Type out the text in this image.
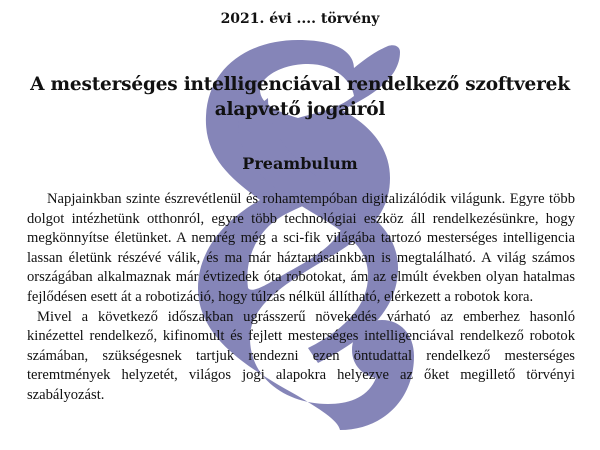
2021. évi .... törvény
A mesterséges intelligenciával rendelkező szoftverek
alapvető jogairól
Preambulum

Napjainkban szinte észrevétlenül és rohamtempóban digitalizálódik világunk. Egyre több dolgot intézhetünk otthonról, egyre több technológiai eszköz áll rendelkezésünkre, hogy megkönnyítse életünket. A nemrég még a sci-fik világába tartozó mesterséges intelligencia lassan életünk részévé válik, és ma már háztartásainkban is megtalálható. A világ számos országában alkalmaznak már évtizedek óta robotokat, ám az elmúlt években olyan hatalmas fejlődésen esett át a robotizáció, hogy túlzás nélkül állítható, elérkezett a robotok kora.

Mivel a következő időszakban ugrásszerű növekedés várható az emberhez hasonló kinézettel rendelkező, kifinomult és fejlett mesterséges intelligenciával rendelkező robotok számában, szükségesnek tartjuk rendezni ezen öntudattal rendelkező mesterséges teremtmények helyzetét, világos jogi alapokra helyezve az őket megillető törvényi szabályozást.
